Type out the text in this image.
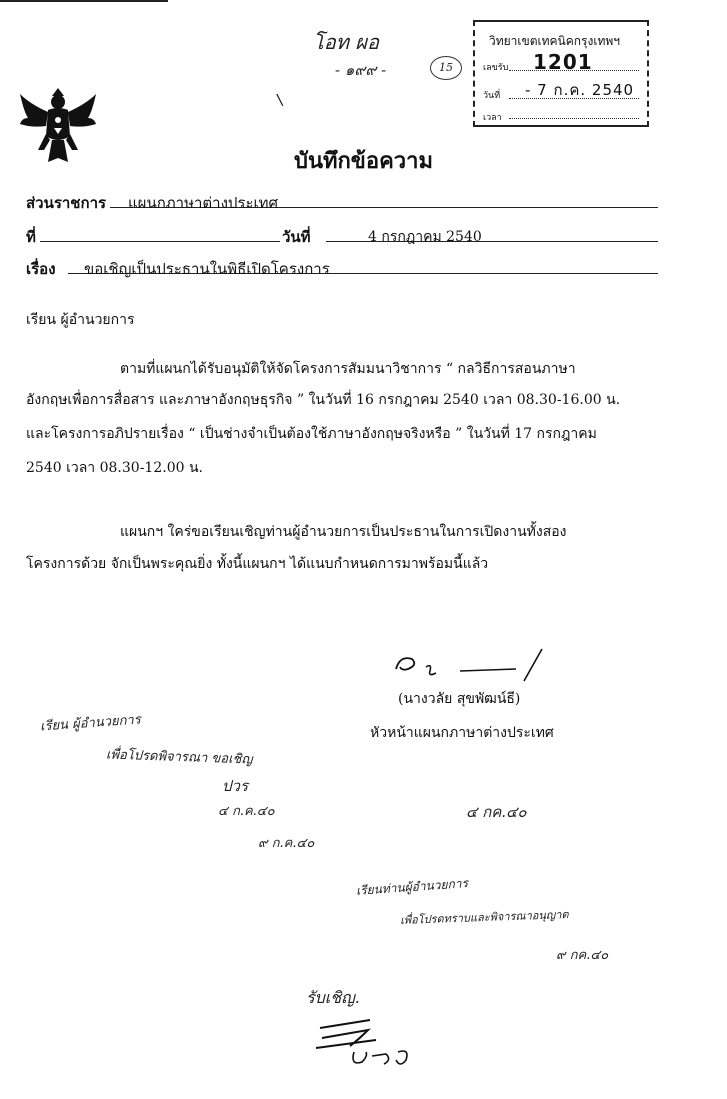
โอท ผอ
- ๑๙๙ -	15
วิทยาเขตเทคนิคกรุงเทพฯ
เลขรับ 1201
วันที่	- 7 ก.ค. 2540
เวลา
\
บันทึกข้อความ
ส่วนราชการ แผนกภาษาต่างประเทศ
ที่	วันที่	4 กรกฎาคม 2540
เรื่อง ขอเชิญเป็นประธานในพิธีเปิดโครงการ
เรียน ผู้อำนวยการ
ตามที่แผนกได้รับอนุมัติให้จัดโครงการสัมมนาวิชาการ “ กลวิธีการสอนภาษา
อังกฤษเพื่อการสื่อสาร และภาษาอังกฤษธุรกิจ ” ในวันที่ 16 กรกฎาคม 2540 เวลา 08.30-16.00 น.
และโครงการอภิปรายเรื่อง “ เป็นช่างจำเป็นต้องใช้ภาษาอังกฤษจริงหรือ ” ในวันที่ 17 กรกฎาคม
2540 เวลา 08.30-12.00 น.
แผนกฯ ใคร่ขอเรียนเชิญท่านผู้อำนวยการเป็นประธานในการเปิดงานทั้งสอง
โครงการด้วย จักเป็นพระคุณยิ่ง ทั้งนี้แผนกฯ ได้แนบกำหนดการมาพร้อมนี้แล้ว
(นางวลัย สุขพัฒน์ธี)
หัวหน้าแผนกภาษาต่างประเทศ
เรียน ผู้อำนวยการ
เพื่อโปรดพิจารณา ขอเชิญ
ปวร
๔ ก.ค.๔๐
๙ ก.ค.๔๐
๔ กค.๔๐
เรียนท่านผู้อำนวยการ
เพื่อโปรดทราบและพิจารณาอนุญาต
๙ กค.๔๐
รับเชิญ.
